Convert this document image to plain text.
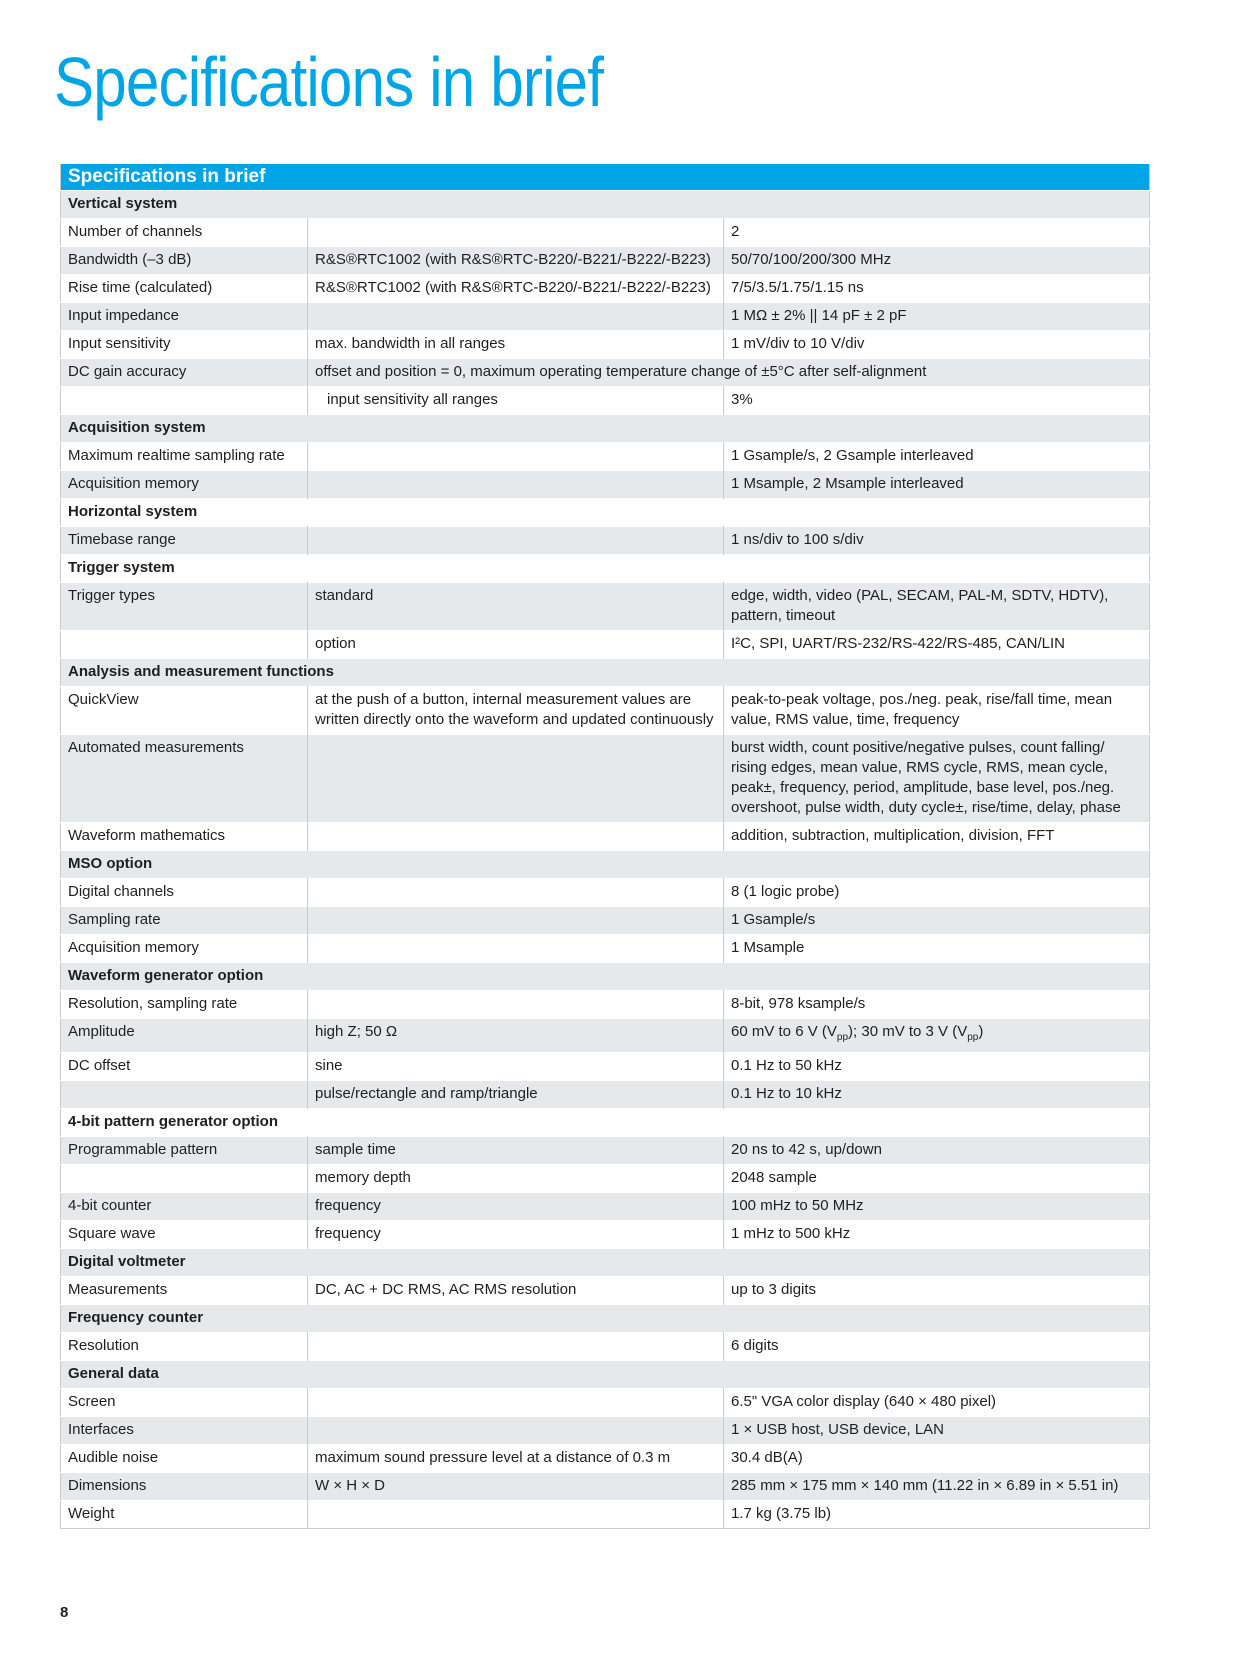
Specifications in brief
Specifications in brief		
Vertical system		
Number of channels		2
Bandwidth (–3 dB)	R&S®RTC1002 (with R&S®RTC-B220/-B221/-B222/-B223)	50/70/100/200/300 MHz
Rise time (calculated)	R&S®RTC1002 (with R&S®RTC-B220/-B221/-B222/-B223)	7/5/3.5/1.75/1.15 ns
Input impedance		1 MΩ ± 2% || 14 pF ± 2 pF
Input sensitivity	max. bandwidth in all ranges	1 mV/div to 10 V/div
DC gain accuracy	offset and position = 0, maximum operating temperature change of ±5°C after self-alignment	
	input sensitivity all ranges	3%
Acquisition system		
Maximum realtime sampling rate		1 Gsample/s, 2 Gsample interleaved
Acquisition memory		1 Msample, 2 Msample interleaved
Horizontal system		
Timebase range		1 ns/div to 100 s/div
Trigger system		
Trigger types	standard	edge, width, video (PAL, SECAM, PAL-M, SDTV, HDTV), pattern, timeout
	option	I²C, SPI, UART/RS-232/RS-422/RS-485, CAN/LIN
Analysis and measurement functions		
QuickView	at the push of a button, internal measurement values are written directly onto the waveform and updated continuously	peak-to-peak voltage, pos./neg. peak, rise/fall time, mean value, RMS value, time, frequency
Automated measurements		burst width, count positive/negative pulses, count falling/ rising edges, mean value, RMS cycle, RMS, mean cycle, peak±, frequency, period, amplitude, base level, pos./neg. overshoot, pulse width, duty cycle±, rise/time, delay, phase
Waveform mathematics		addition, subtraction, multiplication, division, FFT
MSO option		
Digital channels		8 (1 logic probe)
Sampling rate		1 Gsample/s
Acquisition memory		1 Msample
Waveform generator option		
Resolution, sampling rate		8-bit, 978 ksample/s
Amplitude	high Z; 50 Ω	60 mV to 6 V $(V_{pp})$; 30 mV to 3 V $(V_{pp})$
DC offset	sine	0.1 Hz to 50 kHz
	pulse/rectangle and ramp/triangle	0.1 Hz to 10 kHz
4-bit pattern generator option		
Programmable pattern	sample time	20 ns to 42 s, up/down
	memory depth	2048 sample
4-bit counter	frequency	100 mHz to 50 MHz
Square wave	frequency	1 mHz to 500 kHz
Digital voltmeter		
Measurements	DC, AC + DC RMS, AC RMS resolution	up to 3 digits
Frequency counter		
Resolution		6 digits
General data		
Screen		6.5" VGA color display (640 × 480 pixel)
Interfaces		1 × USB host, USB device, LAN
Audible noise	maximum sound pressure level at a distance of 0.3 m	30.4 dB(A)
Dimensions	W × H × D	285 mm × 175 mm × 140 mm (11.22 in × 6.89 in × 5.51 in)
Weight		1.7 kg (3.75 lb)
8
